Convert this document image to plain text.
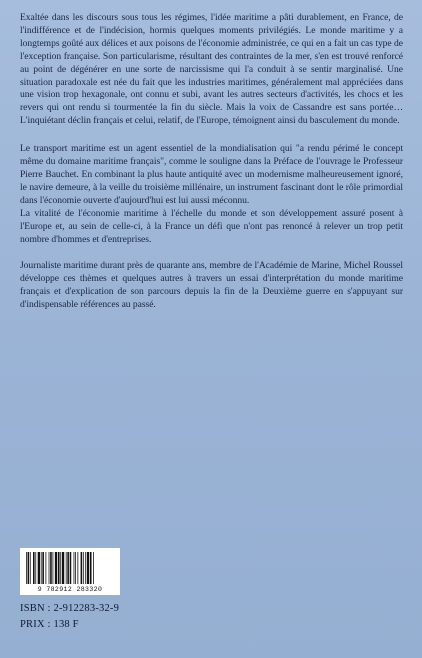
Exaltée dans les discours sous tous les régimes, l'idée maritime a pâti durablement, en France, de l'indifférence et de l'indécision, hormis quelques moments privilégiés. Le monde maritime y a longtemps goûté aux délices et aux poisons de l'économie administrée, ce qui en a fait un cas type de l'exception française. Son particularisme, résultant des contraintes de la mer, s'en est trouvé renforcé au point de dégénérer en une sorte de narcissisme qui l'a conduit à se sentir marginalisé. Une situation paradoxale est née du fait que les industries maritimes, généralement mal appréciées dans une vision trop hexagonale, ont connu et subi, avant les autres secteurs d'activités, les chocs et les revers qui ont rendu si tourmentée la fin du siècle. Mais la voix de Cassandre est sans portée… L'inquiétant déclin français et celui, relatif, de l'Europe, témoignent ainsi du basculement du monde.

Le transport maritime est un agent essentiel de la mondialisation qui "a rendu périmé le concept même du domaine maritime français", comme le souligne dans la Préface de l'ouvrage le Professeur Pierre Bauchet. En combinant la plus haute antiquité avec un modernisme malheureusement ignoré, le navire demeure, à la veille du troisième millénaire, un instrument fascinant dont le rôle primordial dans l'économie ouverte d'aujourd'hui est lui aussi méconnu.

La vitalité de l'économie maritime à l'échelle du monde et son développement assuré posent à l'Europe et, au sein de celle-ci, à la France un défi que n'ont pas renoncé à relever un trop petit nombre d'hommes et d'entreprises.

Journaliste maritime durant près de quarante ans, membre de l'Académie de Marine, Michel Roussel développe ces thèmes et quelques autres à travers un essai d'interprétation du monde maritime français et d'explication de son parcours depuis la fin de la Deuxième guerre en s'appuyant sur d'indispensable références au passé.

9 782912 283320
ISBN : 2-912283-32-9
PRIX : 138 F
